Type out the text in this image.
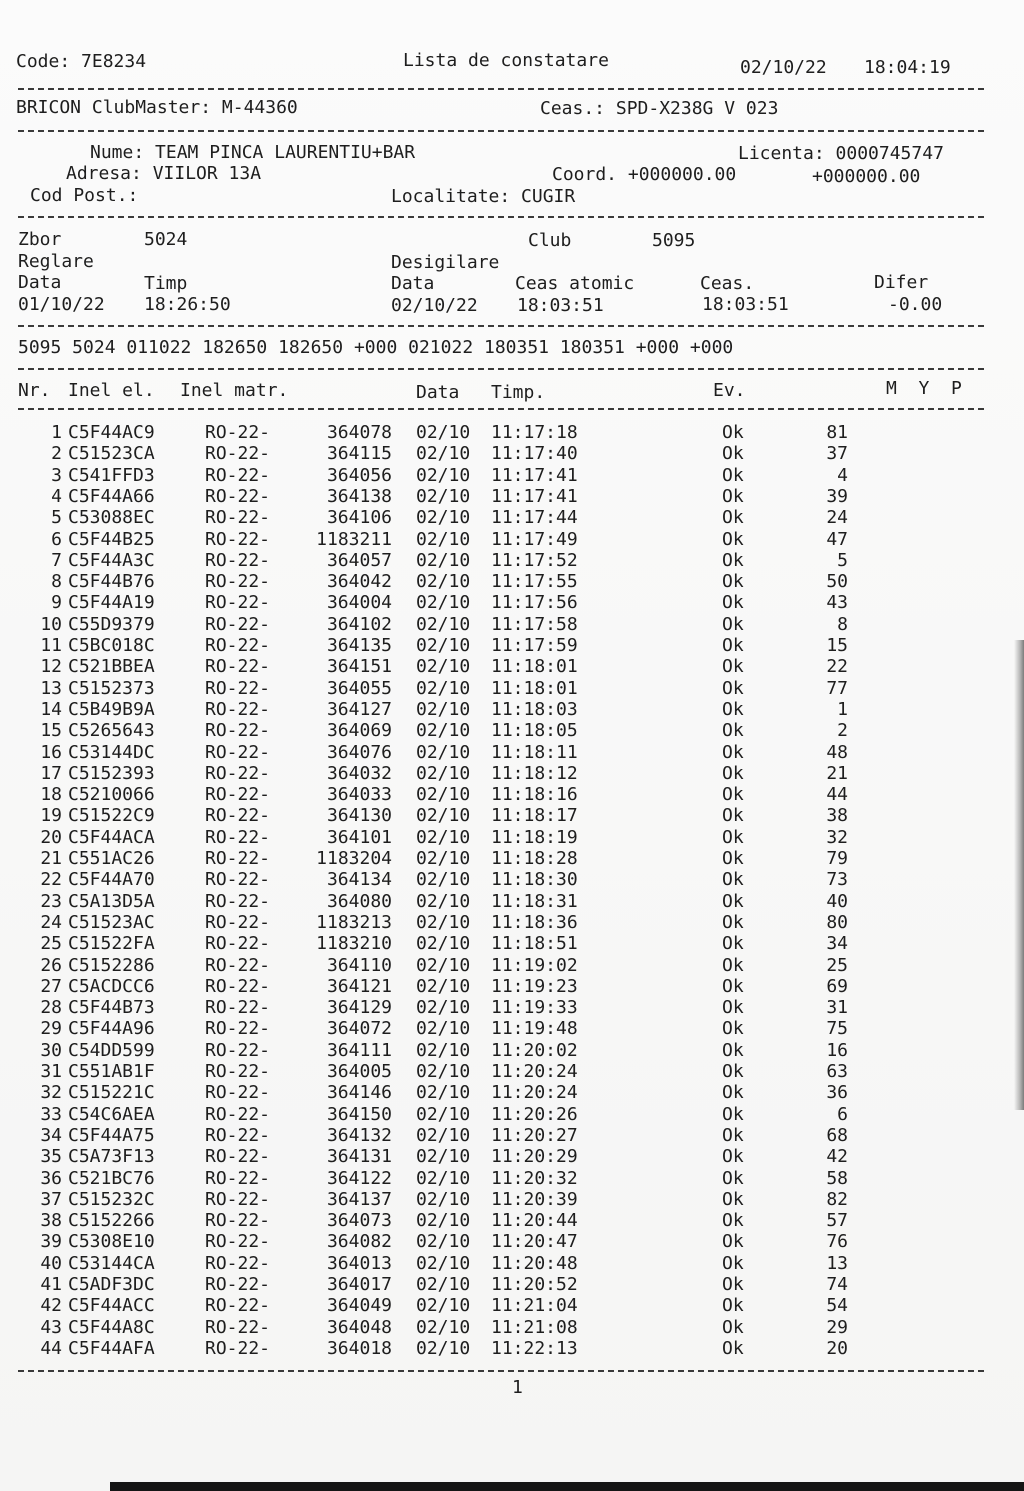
Code: 7E8234	Lista de constatare	02/10/22 18:04:19
BRICON ClubMaster: M-44360	Ceas.: SPD-X238G V 023
Nume: TEAM PINCA LAURENTIU+BAR	Licenta: 0000745747
Adresa: VIILOR 13A	Coord. +000000.00	+000000.00
Cod Post.:	Localitate: CUGIR
Zbor	5024	Club	5095
Reglare	Desigilare
Data	Timp	Data	Ceas atomic	Ceas.	Difer
01/10/22 18:26:50	02/10/22 18:03:51	18:03:51	-0.00
5095 5024 011022 182650 182650 +000 021022 180351 180351 +000 +000
Nr. Inel el. Inel matr.	Data Timp.	Ev.	M  Y  P
1 C5F44AC9	RO-22-	364078 02/10 11:17:18	Ok	81
2 C51523CA	RO-22-	364115 02/10 11:17:40	Ok	37
3 C541FFD3	RO-22-	364056 02/10 11:17:41	Ok	4
4 C5F44A66	RO-22-	364138 02/10 11:17:41	Ok	39
5 C53088EC	RO-22-	364106 02/10 11:17:44	Ok	24
6 C5F44B25	RO-22-	1183211 02/10 11:17:49	Ok	47
7 C5F44A3C	RO-22-	364057 02/10 11:17:52	Ok	5
8 C5F44B76	RO-22-	364042 02/10 11:17:55	Ok	50
9 C5F44A19	RO-22-	364004 02/10 11:17:56	Ok	43
10 C55D9379	RO-22-	364102 02/10 11:17:58	Ok	8
11 C5BC018C	RO-22-	364135 02/10 11:17:59	Ok	15
12 C521BBEA	RO-22-	364151 02/10 11:18:01	Ok	22
13 C5152373	RO-22-	364055 02/10 11:18:01	Ok	77
14 C5B49B9A	RO-22-	364127 02/10 11:18:03	Ok	1
15 C5265643	RO-22-	364069 02/10 11:18:05	Ok	2
16 C53144DC	RO-22-	364076 02/10 11:18:11	Ok	48
17 C5152393	RO-22-	364032 02/10 11:18:12	Ok	21
18 C5210066	RO-22-	364033 02/10 11:18:16	Ok	44
19 C51522C9	RO-22-	364130 02/10 11:18:17	Ok	38
20 C5F44ACA	RO-22-	364101 02/10 11:18:19	Ok	32
21 C551AC26	RO-22-	1183204 02/10 11:18:28	Ok	79
22 C5F44A70	RO-22-	364134 02/10 11:18:30	Ok	73
23 C5A13D5A	RO-22-	364080 02/10 11:18:31	Ok	40
24 C51523AC	RO-22-	1183213 02/10 11:18:36	Ok	80
25 C51522FA	RO-22-	1183210 02/10 11:18:51	Ok	34
26 C5152286	RO-22-	364110 02/10 11:19:02	Ok	25
27 C5ACDCC6	RO-22-	364121 02/10 11:19:23	Ok	69
28 C5F44B73	RO-22-	364129 02/10 11:19:33	Ok	31
29 C5F44A96	RO-22-	364072 02/10 11:19:48	Ok	75
30 C54DD599	RO-22-	364111 02/10 11:20:02	Ok	16
31 C551AB1F	RO-22-	364005 02/10 11:20:24	Ok	63
32 C515221C	RO-22-	364146 02/10 11:20:24	Ok	36
33 C54C6AEA	RO-22-	364150 02/10 11:20:26	Ok	6
34 C5F44A75	RO-22-	364132 02/10 11:20:27	Ok	68
35 C5A73F13	RO-22-	364131 02/10 11:20:29	Ok	42
36 C521BC76	RO-22-	364122 02/10 11:20:32	Ok	58
37 C515232C	RO-22-	364137 02/10 11:20:39	Ok	82
38 C5152266	RO-22-	364073 02/10 11:20:44	Ok	57
39 C5308E10	RO-22-	364082 02/10 11:20:47	Ok	76
40 C53144CA	RO-22-	364013 02/10 11:20:48	Ok	13
41 C5ADF3DC	RO-22-	364017 02/10 11:20:52	Ok	74
42 C5F44ACC	RO-22-	364049 02/10 11:21:04	Ok	54
43 C5F44A8C	RO-22-	364048 02/10 11:21:08	Ok	29
44 C5F44AFA	RO-22-	364018 02/10 11:22:13	Ok	20
1
